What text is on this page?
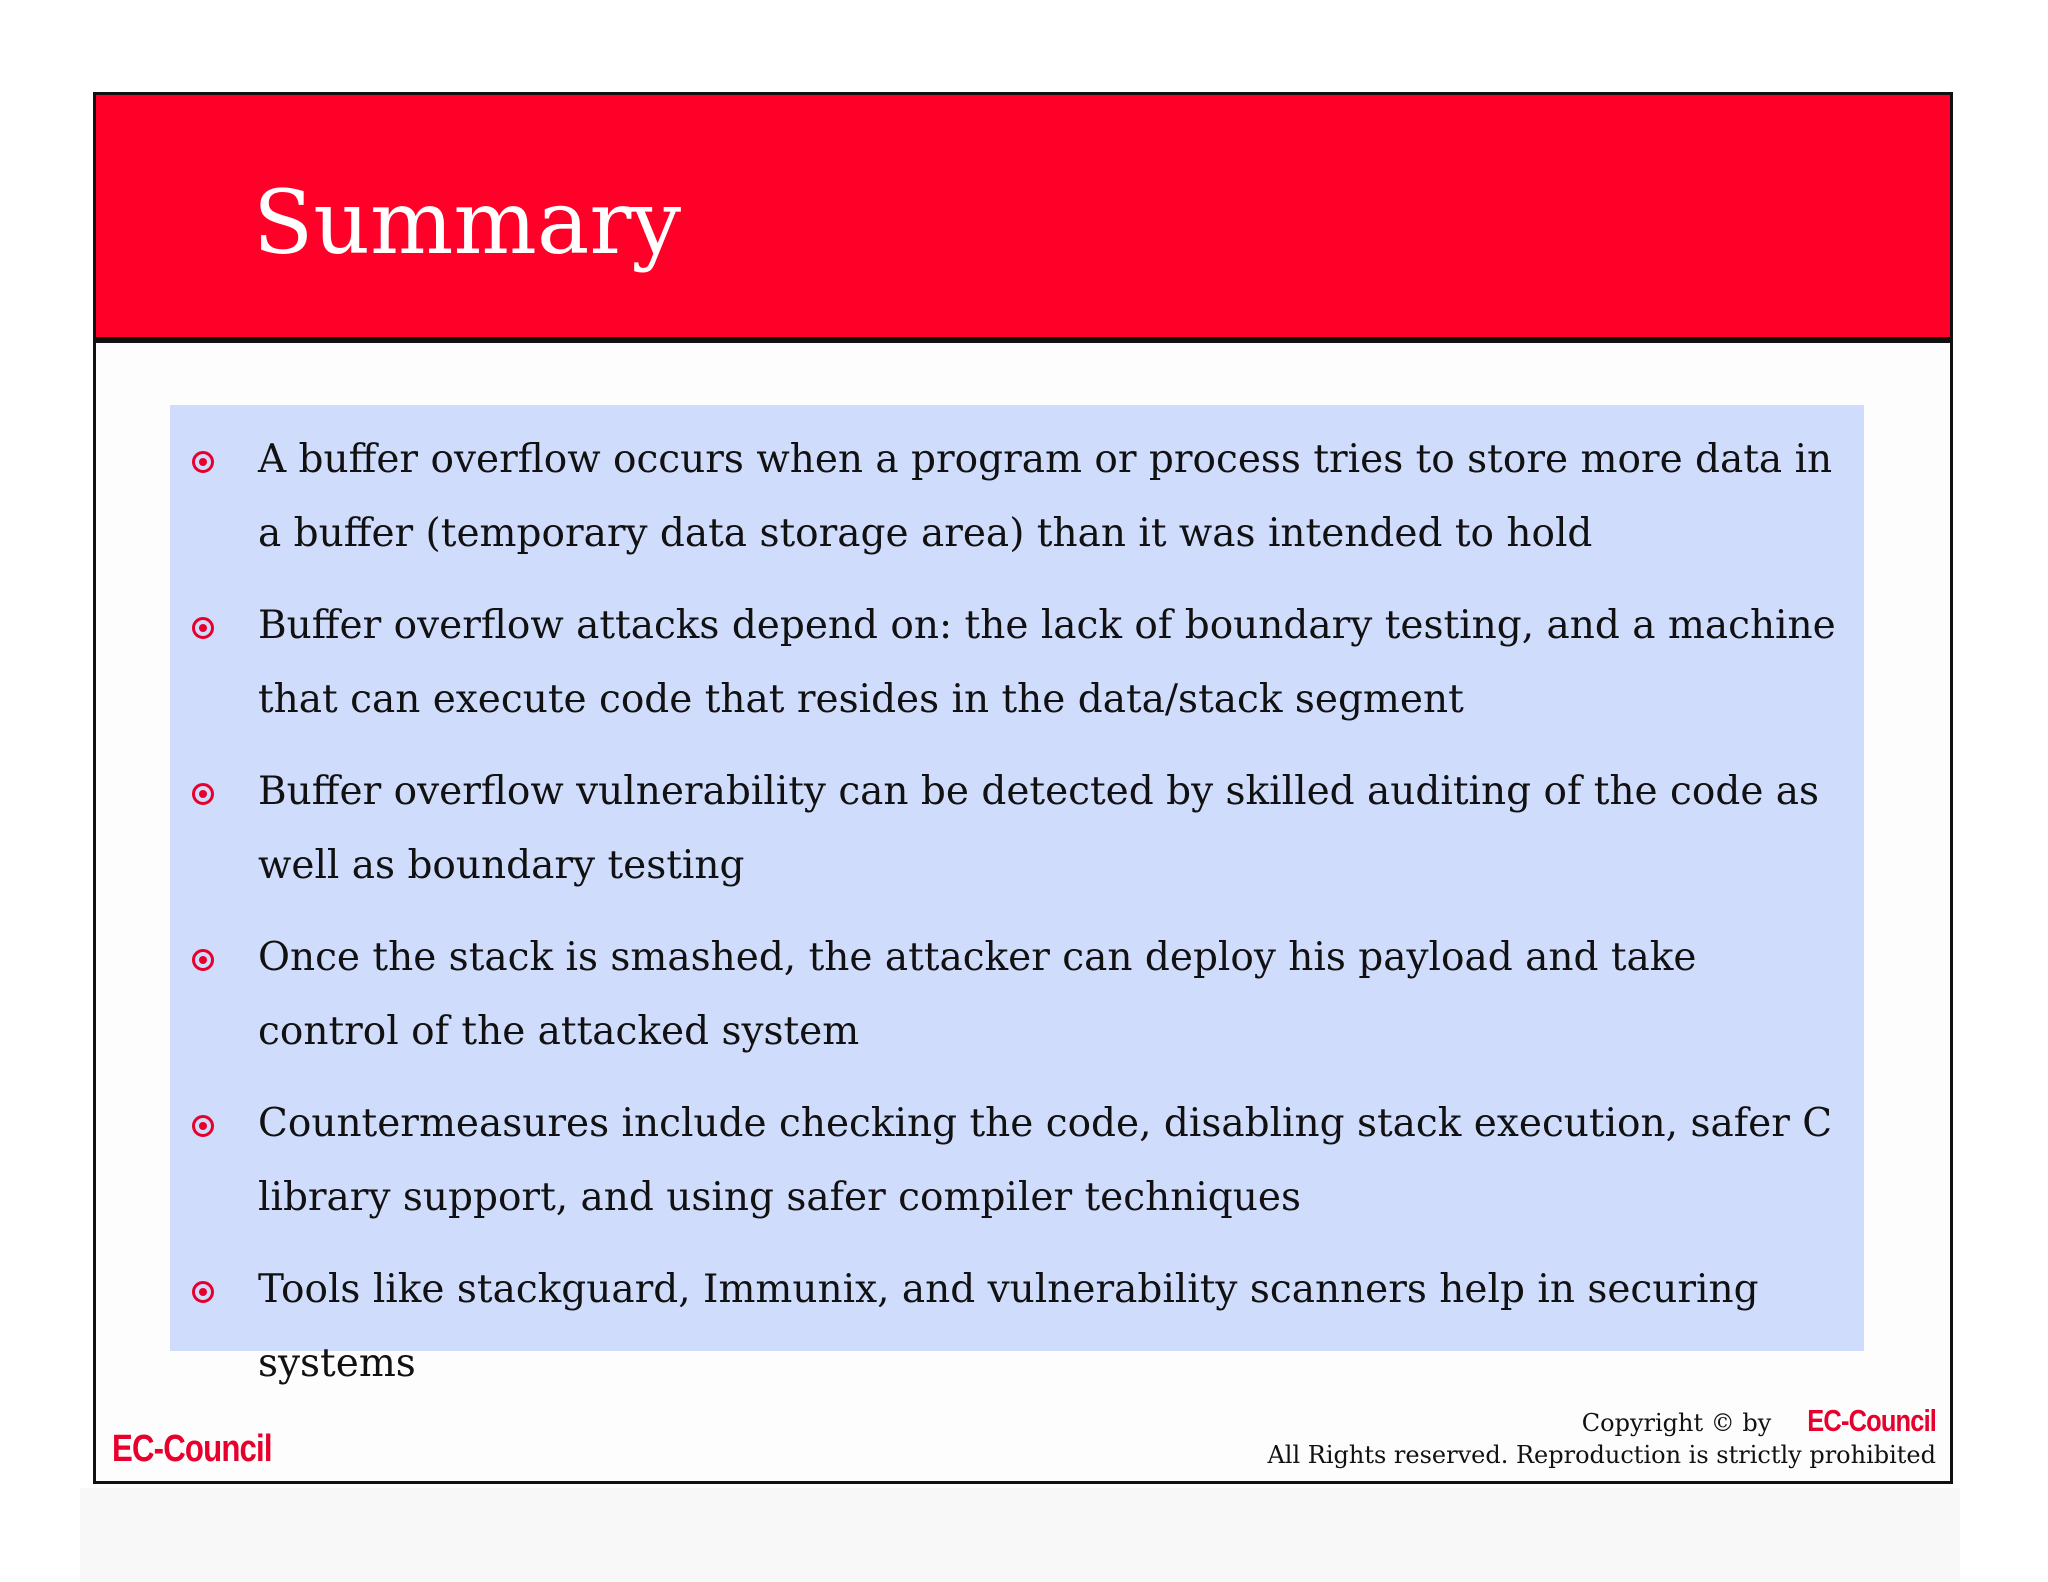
Summary
A buffer overflow occurs when a program or process tries to store more data in a buffer (temporary data storage area) than it was intended to hold
Buffer overflow attacks depend on: the lack of boundary testing, and a machine that can execute code that resides in the data/stack segment
Buffer overflow vulnerability can be detected by skilled auditing of the code as well as boundary testing
Once the stack is smashed, the attacker can deploy his payload and take control of the attacked system
Countermeasures include checking the code, disabling stack execution, safer C library support, and using safer compiler techniques
Tools like stackguard, Immunix, and vulnerability scanners help in securing systems
EC-Council
Copyright © by EC-Council
All Rights reserved. Reproduction is strictly prohibited
